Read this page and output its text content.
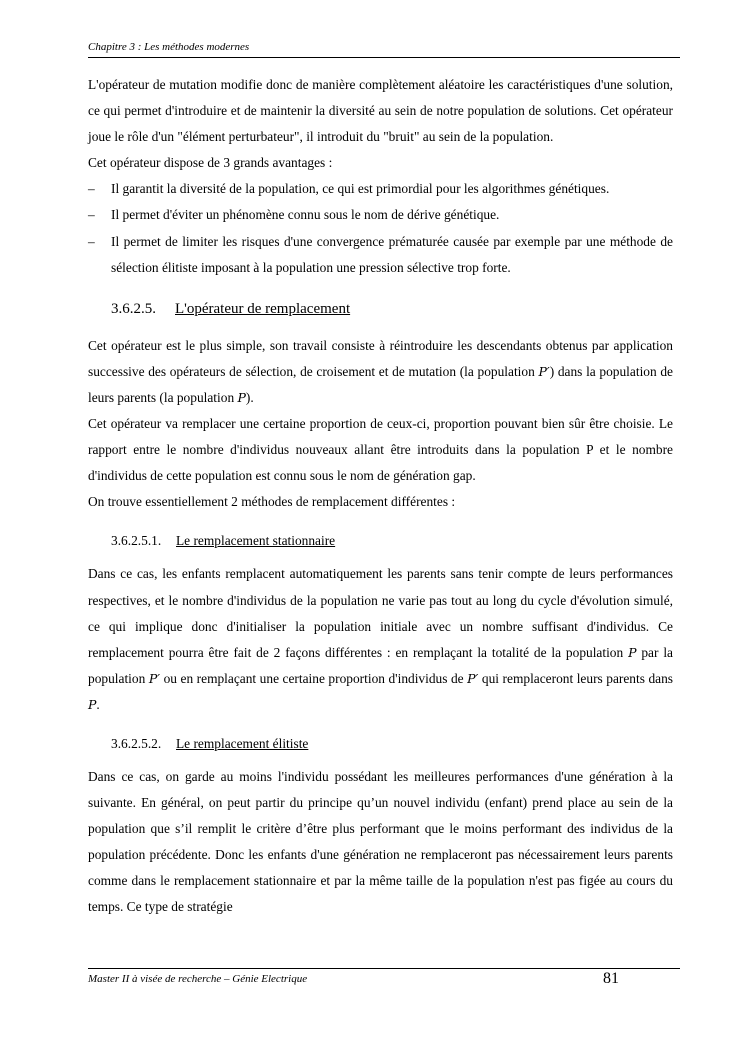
Chapitre 3 : Les méthodes modernes

L'opérateur de mutation modifie donc de manière complètement aléatoire les caractéristiques d'une solution, ce qui permet d'introduire et de maintenir la diversité au sein de notre population de solutions. Cet opérateur joue le rôle d'un "élément perturbateur", il introduit du "bruit" au sein de la population.

Cet opérateur dispose de 3 grands avantages :

– Il garantit la diversité de la population, ce qui est primordial pour les algorithmes génétiques.
– Il permet d'éviter un phénomène connu sous le nom de dérive génétique.
– Il permet de limiter les risques d'une convergence prématurée causée par exemple par une méthode de sélection élitiste imposant à la population une pression sélective trop forte.
3.6.2.5. L'opérateur de remplacement

Cet opérateur est le plus simple, son travail consiste à réintroduire les descendants obtenus par application successive des opérateurs de sélection, de croisement et de mutation (la population P′) dans la population de leurs parents (la population P).

Cet opérateur va remplacer une certaine proportion de ceux-ci, proportion pouvant bien sûr être choisie. Le rapport entre le nombre d'individus nouveaux allant être introduits dans la population P et le nombre d'individus de cette population est connu sous le nom de génération gap.

On trouve essentiellement 2 méthodes de remplacement différentes :

3.6.2.5.1. Le remplacement stationnaire

Dans ce cas, les enfants remplacent automatiquement les parents sans tenir compte de leurs performances respectives, et le nombre d'individus de la population ne varie pas tout au long du cycle d'évolution simulé, ce qui implique donc d'initialiser la population initiale avec un nombre suffisant d'individus. Ce remplacement pourra être fait de 2 façons différentes : en remplaçant la totalité de la population P par la population P′ ou en remplaçant une certaine proportion d'individus de P′ qui remplaceront leurs parents dans P.

3.6.2.5.2. Le remplacement élitiste

Dans ce cas, on garde au moins l'individu possédant les meilleures performances d'une génération à la suivante. En général, on peut partir du principe qu’un nouvel individu (enfant) prend place au sein de la population que s’il remplit le critère d’être plus performant que le moins performant des individus de la population précédente. Donc les enfants d'une génération ne remplaceront pas nécessairement leurs parents comme dans le remplacement stationnaire et par la même taille de la population n'est pas figée au cours du temps. Ce type de stratégie

Master II à visée de recherche – Génie Electrique	81
